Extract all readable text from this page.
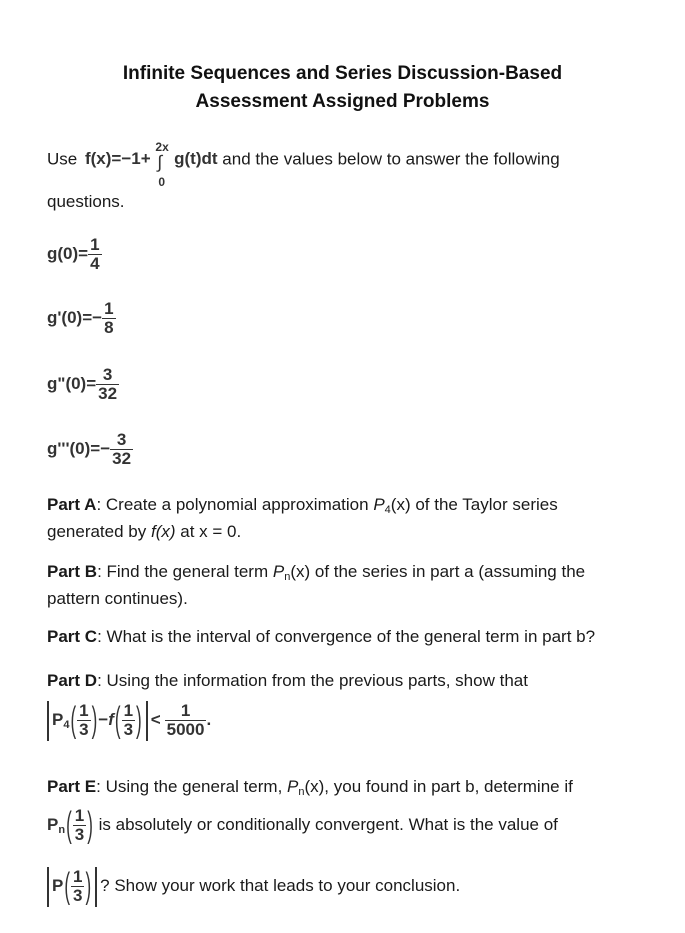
Infinite Sequences and Series Discussion-Based
Assessment Assigned Problems
Use f(x)=−1+
2x
∫
0
g(t)dt and the values below to answer the following
questions.
$g(0)= \frac{1}{4}$
$g'(0)=- \frac{1}{8}$
g"(0)= $\frac{3}{32}$
$g'''(0)=- \frac{3}{32}$
Part A: Create a polynomial approximation $P_4(x)$ of the Taylor series
generated by f(x) at x = 0.
Part B: Find the general term $P_n(x)$ of the series in part a (assuming the
pattern continues).
Part C: What is the interval of convergence of the general term in part b?
Part D: Using the information from the previous parts, show that
$P_4( \frac{1}{3} )-f( \frac{1}{3}$ ) < $\frac{1}{5000}$ .
Part E: Using the general term, $P_n(x)$, you found in part b, determine if
$P_n( \frac{1}{3}$ ) is absolutely or conditionally convergent. What is the value of
$P( \frac{1}{3}$ ) ? Show your work that leads to your conclusion.
